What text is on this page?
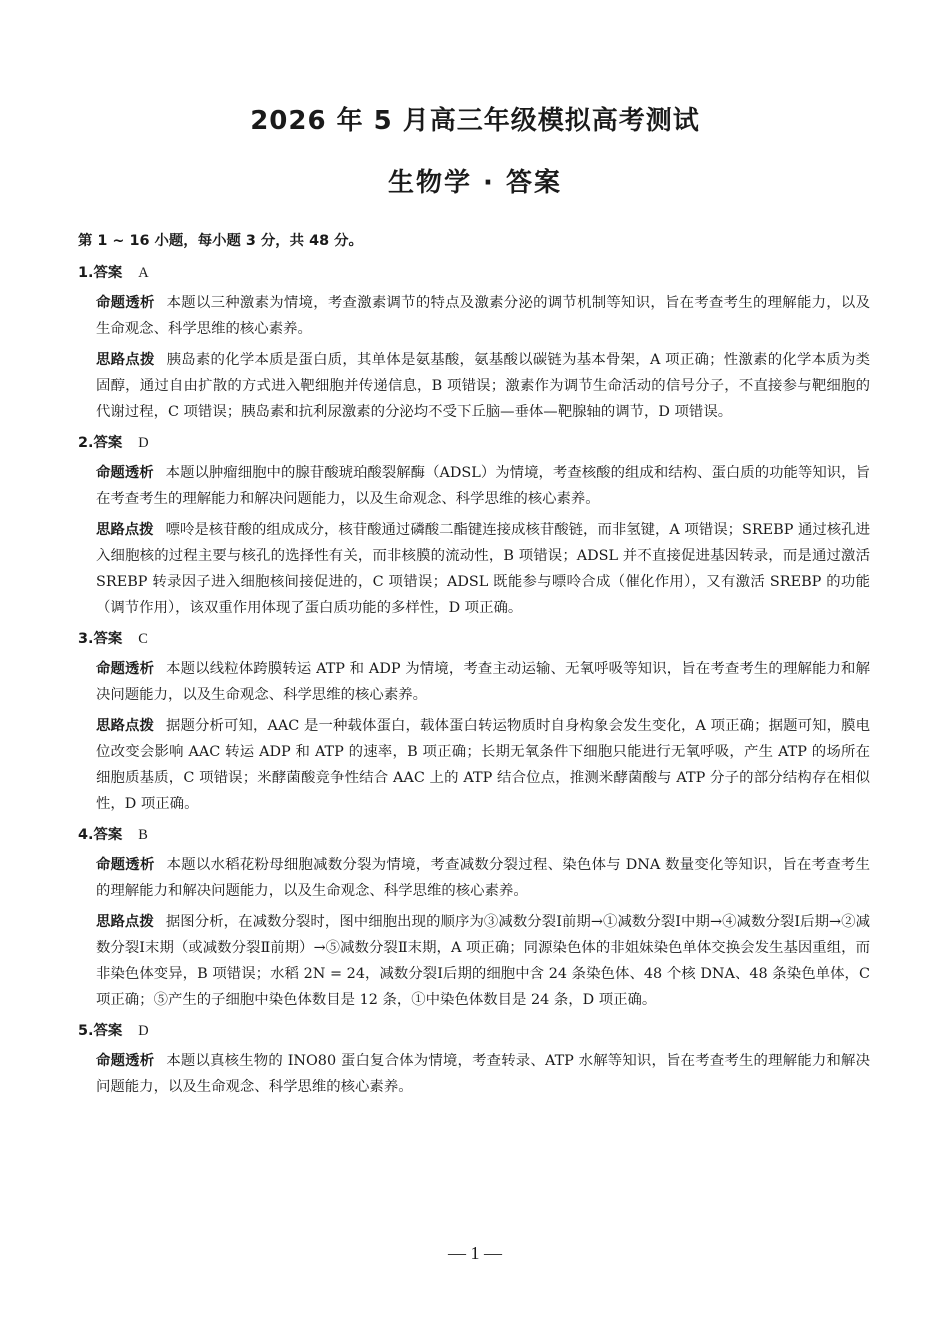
2026 年 5 月高三年级模拟高考测试
生物学 · 答案
第 1 ~ 16 小题，每小题 3 分，共 48 分。
1.答案 A
命题透析 本题以三种激素为情境，考查激素调节的特点及激素分泌的调节机制等知识，旨在考查考生的理解能力，以及生命观念、科学思维的核心素养。
思路点拨 胰岛素的化学本质是蛋白质，其单体是氨基酸，氨基酸以碳链为基本骨架，A 项正确；性激素的化学本质为类固醇，通过自由扩散的方式进入靶细胞并传递信息，B 项错误；激素作为调节生命活动的信号分子，不直接参与靶细胞的代谢过程，C 项错误；胰岛素和抗利尿激素的分泌均不受下丘脑—垂体—靶腺轴的调节，D 项错误。
2.答案 D
命题透析 本题以肿瘤细胞中的腺苷酸琥珀酸裂解酶（ADSL）为情境，考查核酸的组成和结构、蛋白质的功能等知识，旨在考查考生的理解能力和解决问题能力，以及生命观念、科学思维的核心素养。
思路点拨 嘌呤是核苷酸的组成成分，核苷酸通过磷酸二酯键连接成核苷酸链，而非氢键，A 项错误；SREBP 通过核孔进入细胞核的过程主要与核孔的选择性有关，而非核膜的流动性，B 项错误；ADSL 并不直接促进基因转录，而是通过激活 SREBP 转录因子进入细胞核间接促进的，C 项错误；ADSL 既能参与嘌呤合成（催化作用），又有激活 SREBP 的功能（调节作用），该双重作用体现了蛋白质功能的多样性，D 项正确。
3.答案 C
命题透析 本题以线粒体跨膜转运 ATP 和 ADP 为情境，考查主动运输、无氧呼吸等知识，旨在考查考生的理解能力和解决问题能力，以及生命观念、科学思维的核心素养。
思路点拨 据题分析可知，AAC 是一种载体蛋白，载体蛋白转运物质时自身构象会发生变化，A 项正确；据题可知，膜电位改变会影响 AAC 转运 ADP 和 ATP 的速率，B 项正确；长期无氧条件下细胞只能进行无氧呼吸，产生 ATP 的场所在细胞质基质，C 项错误；米酵菌酸竞争性结合 AAC 上的 ATP 结合位点，推测米酵菌酸与 ATP 分子的部分结构存在相似性，D 项正确。
4.答案 B
命题透析 本题以水稻花粉母细胞减数分裂为情境，考查减数分裂过程、染色体与 DNA 数量变化等知识，旨在考查考生的理解能力和解决问题能力，以及生命观念、科学思维的核心素养。
思路点拨 据图分析，在减数分裂时，图中细胞出现的顺序为③减数分裂Ⅰ前期→①减数分裂Ⅰ中期→④减数分裂Ⅰ后期→②减数分裂Ⅰ末期（或减数分裂Ⅱ前期）→⑤减数分裂Ⅱ末期，A 项正确；同源染色体的非姐妹染色单体交换会发生基因重组，而非染色体变异，B 项错误；水稻 2N = 24，减数分裂Ⅰ后期的细胞中含 24 条染色体、48 个核 DNA、48 条染色单体，C 项正确；⑤产生的子细胞中染色体数目是 12 条，①中染色体数目是 24 条，D 项正确。
5.答案 D
命题透析 本题以真核生物的 INO80 蛋白复合体为情境，考查转录、ATP 水解等知识，旨在考查考生的理解能力和解决问题能力，以及生命观念、科学思维的核心素养。
— 1 —
